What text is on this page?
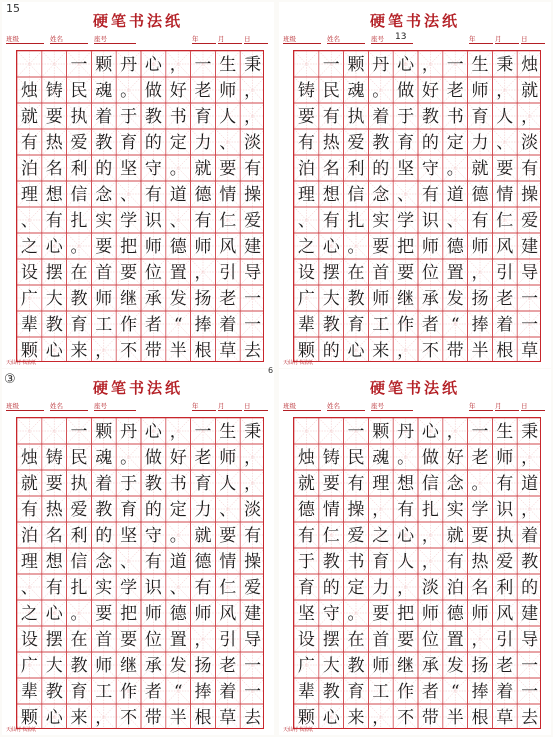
硬笔书法纸
班级	姓名	座号	年	月	日
一 颗 丹 心 ， 一 生 秉
烛 铸 民 魂 。 做 好 老 师 ，
就 要 执 着 于 教 书 育 人 ，
有 热 爱 教 育 的 定 力 、 淡
泊 名 利 的 坚 守 。 就 要 有
理 想 信 念 、 有 道 德 情 操
、 有 扎 实 学 识 、 有 仁 爱
之 心 。 要 把 师 德 师 风 建
设 摆 在 首 要 位 置 ， 引 导
广 大 教 师 继 承 发 扬 老 一
辈 教 育 工 作 者 “ 捧 着 一
颗 心 来 ， 不 带 半 根 草 去
天仙村书法纸
硬笔书法纸
班级	姓名	座号	年	月	日
13
一 颗 丹 心 ， 一 生 秉 烛
铸 民 魂 。 做 好 老 师 ， 就
要 有 执 着 于 教 书 育 人 ，
有 热 爱 教 育 的 定 力 、 淡
泊 名 利 的 坚 守 。 就 要 有
理 想 信 念 、 有 道 德 情 操
、 有 扎 实 学 识 、 有 仁 爱
之 心 。 要 把 师 德 师 风 建
设 摆 在 首 要 位 置 ， 引 导
广 大 教 师 继 承 发 扬 老 一
辈 教 育 工 作 者 “ 捧 着 一
颗 的 心 来 ， 不 带 半 根 草
天仙村书法纸
硬笔书法纸
班级	姓名	座号	年	月	日
一 颗 丹 心 ， 一 生 秉
烛 铸 民 魂 。 做 好 老 师 ，
就 要 执 着 于 教 书 育 人 ，
有 热 爱 教 育 的 定 力 、 淡
泊 名 利 的 坚 守 。 就 要 有
理 想 信 念 、 有 道 德 情 操
、 有 扎 实 学 识 、 有 仁 爱
之 心 。 要 把 师 德 师 风 建
设 摆 在 首 要 位 置 ， 引 导
广 大 教 师 继 承 发 扬 老 一
辈 教 育 工 作 者 “ 捧 着 一
颗 心 来 ， 不 带 半 根 草 去
天仙村书法纸
硬笔书法纸
班级	姓名	座号	年	月	日
一 颗 丹 心 ， 一 生 秉
烛 铸 民 魂 。 做 好 老 师 ，
就 要 有 理 想 信 念 。 有 道
德 情 操 ， 有 扎 实 学 识 ，
有 仁 爱 之 心 ， 就 要 执 着
于 教 书 育 人 ， 有 热 爱 教
育 的 定 力 ， 淡 泊 名 利 的
坚 守 。 要 把 师 德 师 风 建
设 摆 在 首 要 位 置 ， 引 导
广 大 教 师 继 承 发 扬 老 一
辈 教 育 工 作 者 “ 捧 着 一
颗 心 来 ， 不 带 半 根 草 去
天仙村书法纸
15
③
6
